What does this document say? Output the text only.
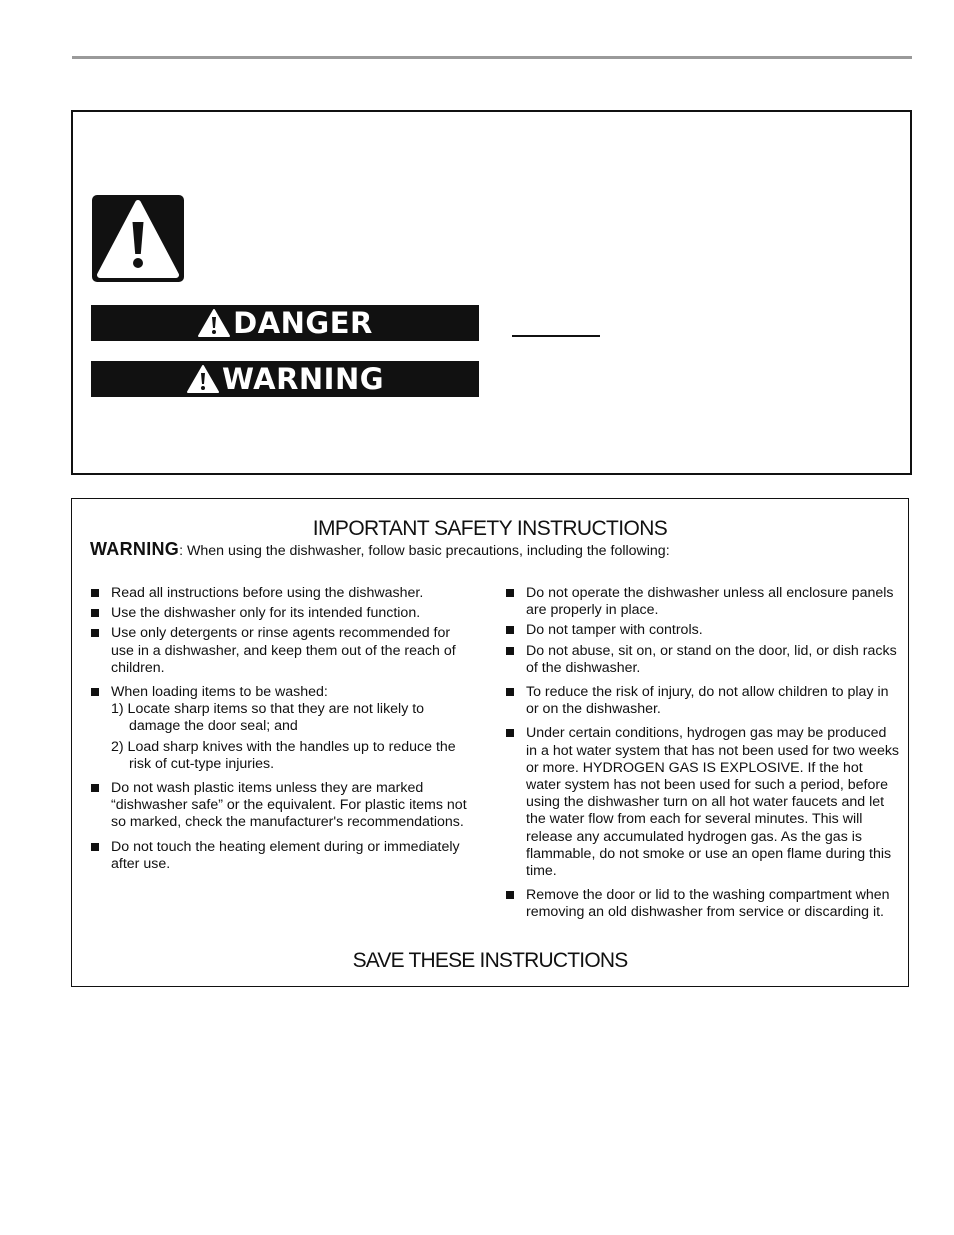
DANGER
WARNING
IMPORTANT SAFETY INSTRUCTIONS
WARNING: When using the dishwasher, follow basic precautions, including the following:
Read all instructions before using the dishwasher.
Use the dishwasher only for its intended function.
Use only detergents or rinse agents recommended for use in a dishwasher, and keep them out of the reach of children.
When loading items to be washed:
1) Locate sharp items so that they are not likely to damage the door seal; and
2) Load sharp knives with the handles up to reduce the risk of cut-type injuries.
Do not wash plastic items unless they are marked “dishwasher safe” or the equivalent. For plastic items not so marked, check the manufacturer's recommendations.
Do not touch the heating element during or immediately after use.
Do not operate the dishwasher unless all enclosure panels are properly in place.
Do not tamper with controls.
Do not abuse, sit on, or stand on the door, lid, or dish racks of the dishwasher.
To reduce the risk of injury, do not allow children to play in or on the dishwasher.
Under certain conditions, hydrogen gas may be produced in a hot water system that has not been used for two weeks or more. HYDROGEN GAS IS EXPLOSIVE. If the hot water system has not been used for such a period, before using the dishwasher turn on all hot water faucets and let the water flow from each for several minutes. This will release any accumulated hydrogen gas. As the gas is flammable, do not smoke or use an open flame during this time.
Remove the door or lid to the washing compartment when removing an old dishwasher from service or discarding it.
SAVE THESE INSTRUCTIONS
